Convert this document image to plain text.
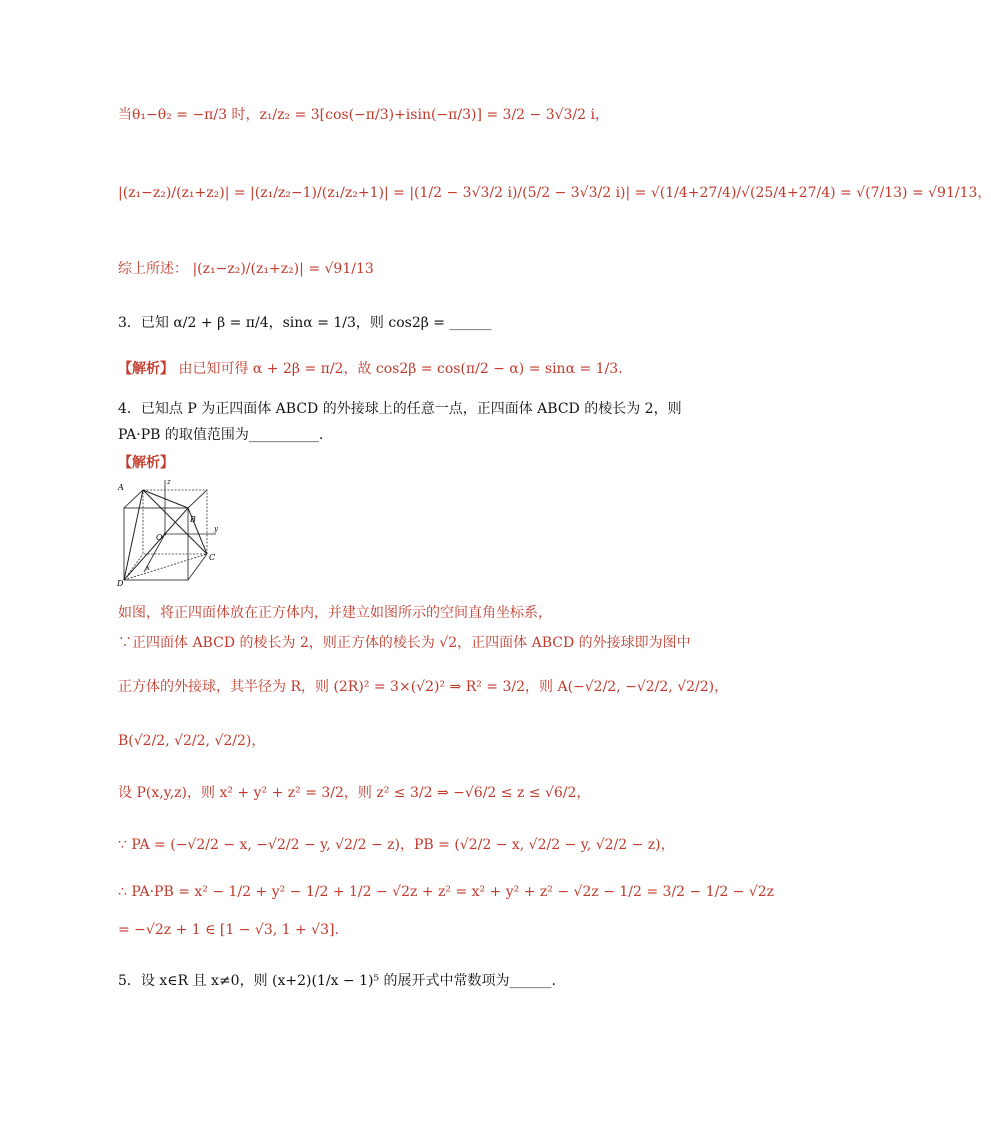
当θ₁−θ₂ = −π/3 时，z₁/z₂ = 3[cos(−π/3)+isin(−π/3)] = 3/2 − 3√3/2 i，
|(z₁−z₂)/(z₁+z₂)| = |(z₁/z₂−1)/(z₁/z₂+1)| = |(1/2 − 3√3/2 i)/(5/2 − 3√3/2 i)| = √(1/4+27/4)/√(25/4+27/4) = √(7/13) = √91/13，
综上所述： |(z₁−z₂)/(z₁+z₂)| = √91/13
3．已知 α/2 + β = π/4，sinα = 1/3，则 cos2β = ______
【解析】 由已知可得 α + 2β = π/2，故 cos2β = cos(π/2 − α) = sinα = 1/3.
4．已知点 P 为正四面体 ABCD 的外接球上的任意一点，正四面体 ABCD 的棱长为 2，则
PA·PB 的取值范围为__________.
【解析】
A
B
C
D
O
x
y
z
如图，将正四面体放在正方体内，并建立如图所示的空间直角坐标系，
∵正四面体 ABCD 的棱长为 2，则正方体的棱长为 √2，正四面体 ABCD 的外接球即为图中
正方体的外接球，其半径为 R，则 (2R)² = 3×(√2)² ⇒ R² = 3/2，则 A(−√2/2, −√2/2, √2/2)，
B(√2/2, √2/2, √2/2)，
设 P(x,y,z)，则 x² + y² + z² = 3/2，则 z² ≤ 3/2 ⇒ −√6/2 ≤ z ≤ √6/2，
∵ PA = (−√2/2 − x, −√2/2 − y, √2/2 − z)，PB = (√2/2 − x, √2/2 − y, √2/2 − z)，
∴ PA·PB = x² − 1/2 + y² − 1/2 + 1/2 − √2z + z² = x² + y² + z² − √2z − 1/2 = 3/2 − 1/2 − √2z
= −√2z + 1 ∈ [1 − √3, 1 + √3].
5．设 x∈R 且 x≠0，则 (x+2)(1/x − 1)⁵ 的展开式中常数项为______.
